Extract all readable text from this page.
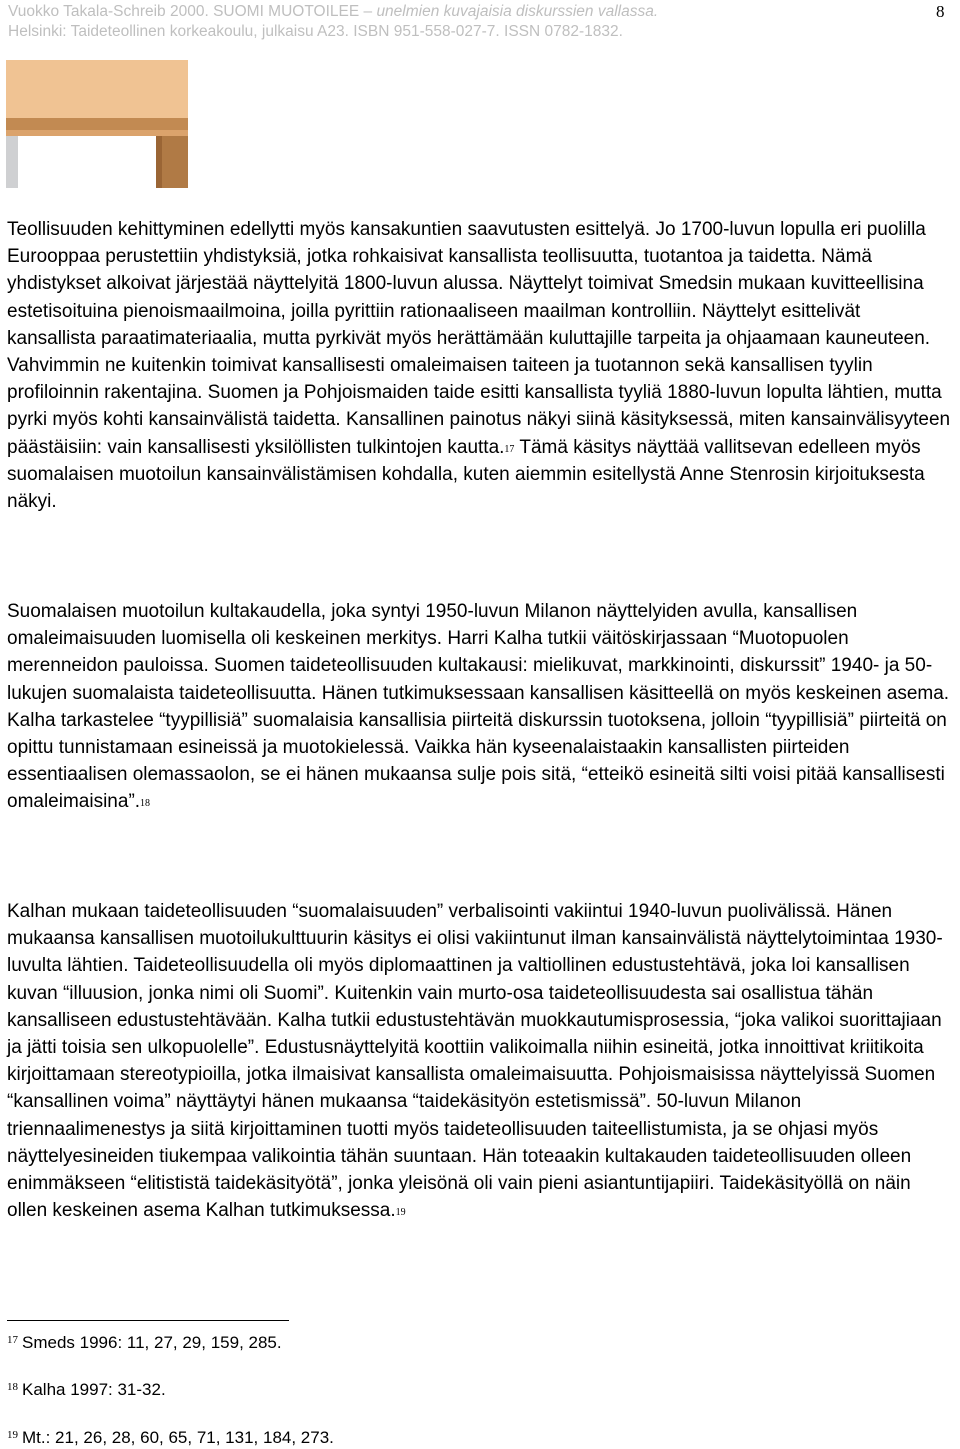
Vuokko Takala-Schreib 2000. SUOMI MUOTOILEE – unelmien kuvajaisia diskurssien vallassa.
Helsinki: Taideteollinen korkeakoulu, julkaisu A23. ISBN 951-558-027-7. ISSN 0782-1832.
8

Teollisuuden kehittyminen edellytti myös kansakuntien saavutusten esittelyä. Jo 1700-luvun lopulla eri puolilla Eurooppaa perustettiin yhdistyksiä, jotka rohkaisivat kansallista teollisuutta, tuotantoa ja taidetta. Nämä yhdistykset alkoivat järjestää näyttelyitä 1800-luvun alussa. Näyttelyt toimivat Smedsin mukaan kuvitteellisina estetisoituina pienoismaailmoina, joilla pyrittiin rationaaliseen maailman kontrolliin. Näyttelyt esittelivät kansallista paraatimateriaalia, mutta pyrkivät myös herättämään kuluttajille tarpeita ja ohjaamaan kauneuteen. Vahvimmin ne kuitenkin toimivat kansallisesti omaleimaisen taiteen ja tuotannon sekä kansallisen tyylin profiloinnin rakentajina. Suomen ja Pohjoismaiden taide esitti kansallista tyyliä 1880-luvun lopulta lähtien, mutta pyrki myös kohti kansainvälistä taidetta. Kansallinen painotus näkyi siinä käsityksessä, miten kansainvälisyyteen päästäisiin: vain kansallisesti yksilöllisten tulkintojen kautta.$^{17}$ Tämä käsitys näyttää vallitsevan edelleen myös suomalaisen muotoilun kansainvälistämisen kohdalla, kuten aiemmin esitellystä Anne Stenrosin kirjoituksesta näkyi.

Suomalaisen muotoilun kultakaudella, joka syntyi 1950-luvun Milanon näyttelyiden avulla, kansallisen omaleimaisuuden luomisella oli keskeinen merkitys. Harri Kalha tutkii väitöskirjassaan “Muotopuolen merenneidon pauloissa. Suomen taideteollisuuden kultakausi: mielikuvat, markkinointi, diskurssit” 1940- ja 50-lukujen suomalaista taideteollisuutta. Hänen tutkimuksessaan kansallisen käsitteellä on myös keskeinen asema. Kalha tarkastelee “tyypillisiä” suomalaisia kansallisia piirteitä diskurssin tuotoksena, jolloin “tyypillisiä” piirteitä on opittu tunnistamaan esineissä ja muotokielessä. Vaikka hän kyseenalaistaakin kansallisten piirteiden essentiaalisen olemassaolon, se ei hänen mukaansa sulje pois sitä, “etteikö esineitä silti voisi pitää kansallisesti omaleimaisina”.$^{18}$

Kalhan mukaan taideteollisuuden “suomalaisuuden” verbalisointi vakiintui 1940-luvun puolivälissä. Hänen mukaansa kansallisen muotoilukulttuurin käsitys ei olisi vakiintunut ilman kansainvälistä näyttelytoimintaa 1930-luvulta lähtien. Taideteollisuudella oli myös diplomaattinen ja valtiollinen edustustehtävä, joka loi kansallisen kuvan “illuusion, jonka nimi oli Suomi”. Kuitenkin vain murto-osa taideteollisuudesta sai osallistua tähän kansalliseen edustustehtävään. Kalha tutkii edustustehtävän muokkautumisprosessia, “joka valikoi suorittajiaan ja jätti toisia sen ulkopuolelle”. Edustusnäyttelyitä koottiin valikoimalla niihin esineitä, jotka innoittivat kriitikoita kirjoittamaan stereotypioilla, jotka ilmaisivat kansallista omaleimaisuutta. Pohjoismaisissa näyttelyissä Suomen “kansallinen voima” näyttäytyi hänen mukaansa “taidekäsityön estetismissä”. 50-luvun Milanon triennaalimenestys ja siitä kirjoittaminen tuotti myös taideteollisuuden taiteellistumista, ja se ohjasi myös näyttelyesineiden tiukempaa valikointia tähän suuntaan. Hän toteaakin kultakauden taideteollisuuden olleen enimmäkseen “elitististä taidekäsityötä”, jonka yleisönä oli vain pieni asiantuntijapiiri. Taidekäsityöllä on näin ollen keskeinen asema Kalhan tutkimuksessa.$^{19}$

$^{17}$ Smeds 1996: 11, 27, 29, 159, 285.

$^{18}$ Kalha 1997: 31-32.

$^{19}$ Mt.: 21, 26, 28, 60, 65, 71, 131, 184, 273.
